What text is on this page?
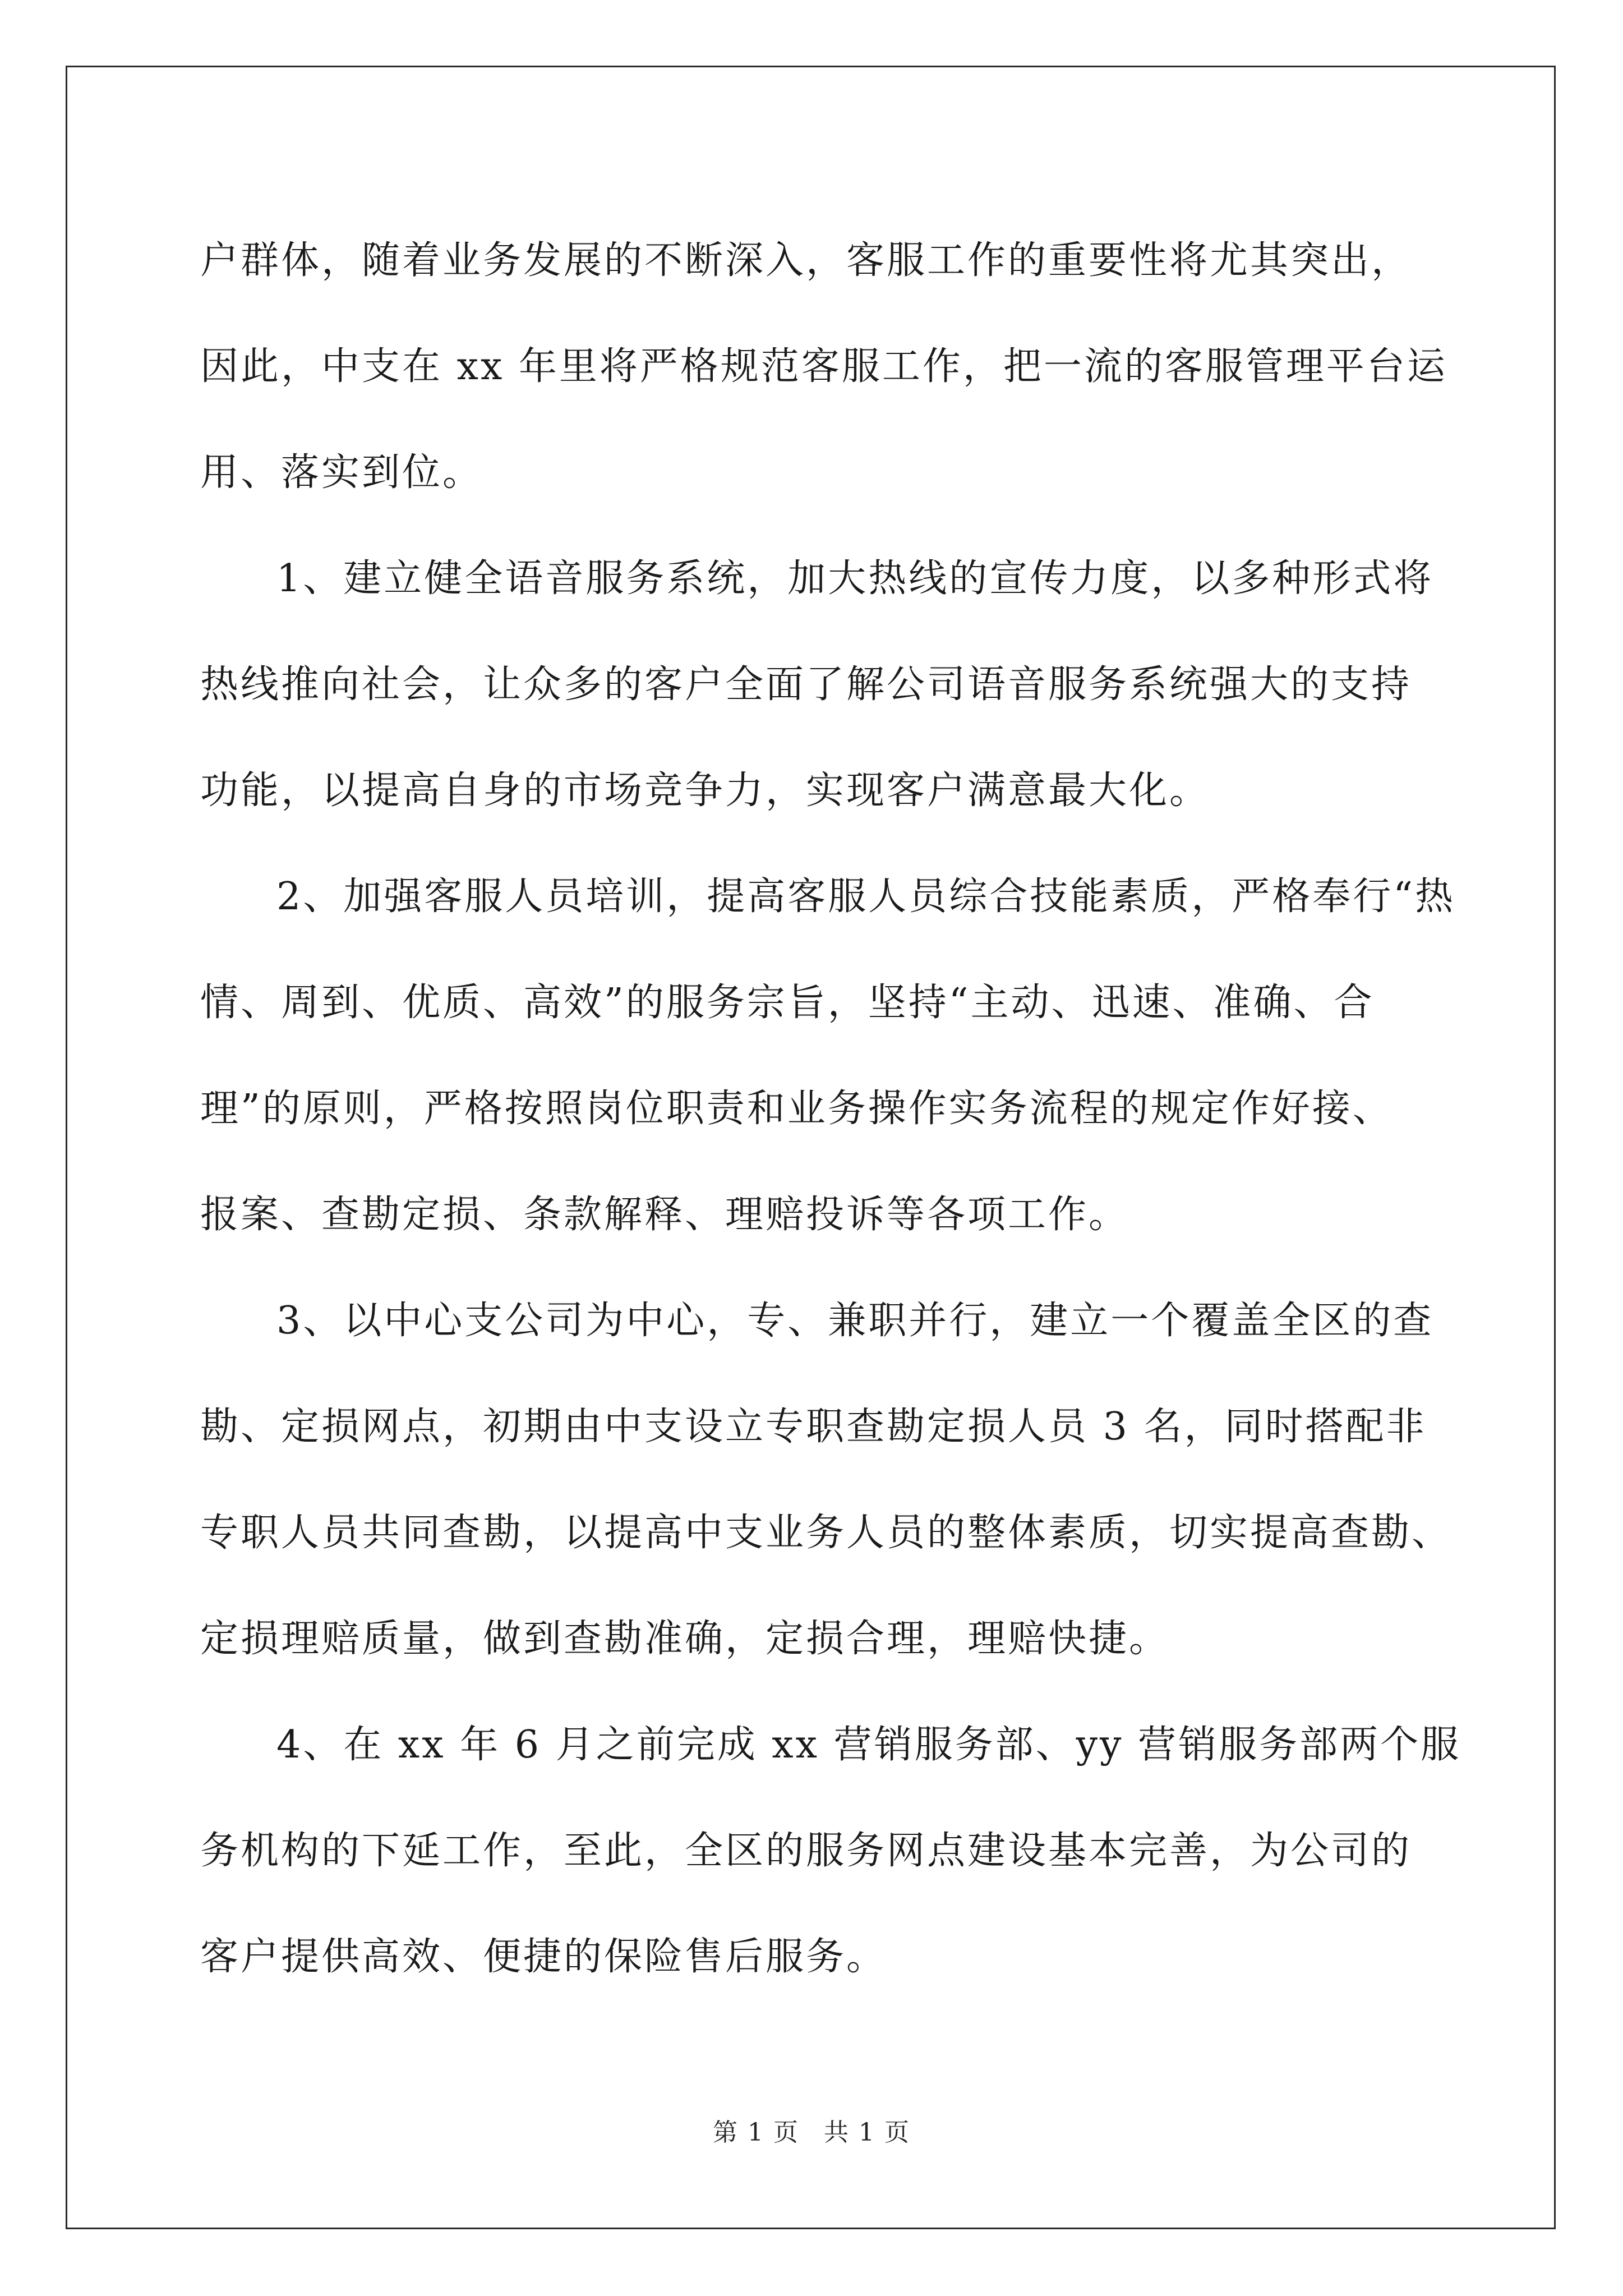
户群体，随着业务发展的不断深入，客服工作的重要性将尤其突出，
因此，中支在 xx 年里将严格规范客服工作，把一流的客服管理平台运
用、落实到位。
1、建立健全语音服务系统，加大热线的宣传力度，以多种形式将
热线推向社会，让众多的客户全面了解公司语音服务系统强大的支持
功能，以提高自身的市场竞争力，实现客户满意最大化。
2、加强客服人员培训，提高客服人员综合技能素质，严格奉行“热
情、周到、优质、高效”的服务宗旨，坚持“主动、迅速、准确、合
理”的原则，严格按照岗位职责和业务操作实务流程的规定作好接、
报案、查勘定损、条款解释、理赔投诉等各项工作。
3、以中心支公司为中心，专、兼职并行，建立一个覆盖全区的查
勘、定损网点，初期由中支设立专职查勘定损人员 3 名，同时搭配非
专职人员共同查勘，以提高中支业务人员的整体素质，切实提高查勘、
定损理赔质量，做到查勘准确，定损合理，理赔快捷。
4、在 xx 年 6 月之前完成 xx 营销服务部、yy 营销服务部两个服
务机构的下延工作，至此，全区的服务网点建设基本完善，为公司的
客户提供高效、便捷的保险售后服务。
第 1 页 共 1 页
